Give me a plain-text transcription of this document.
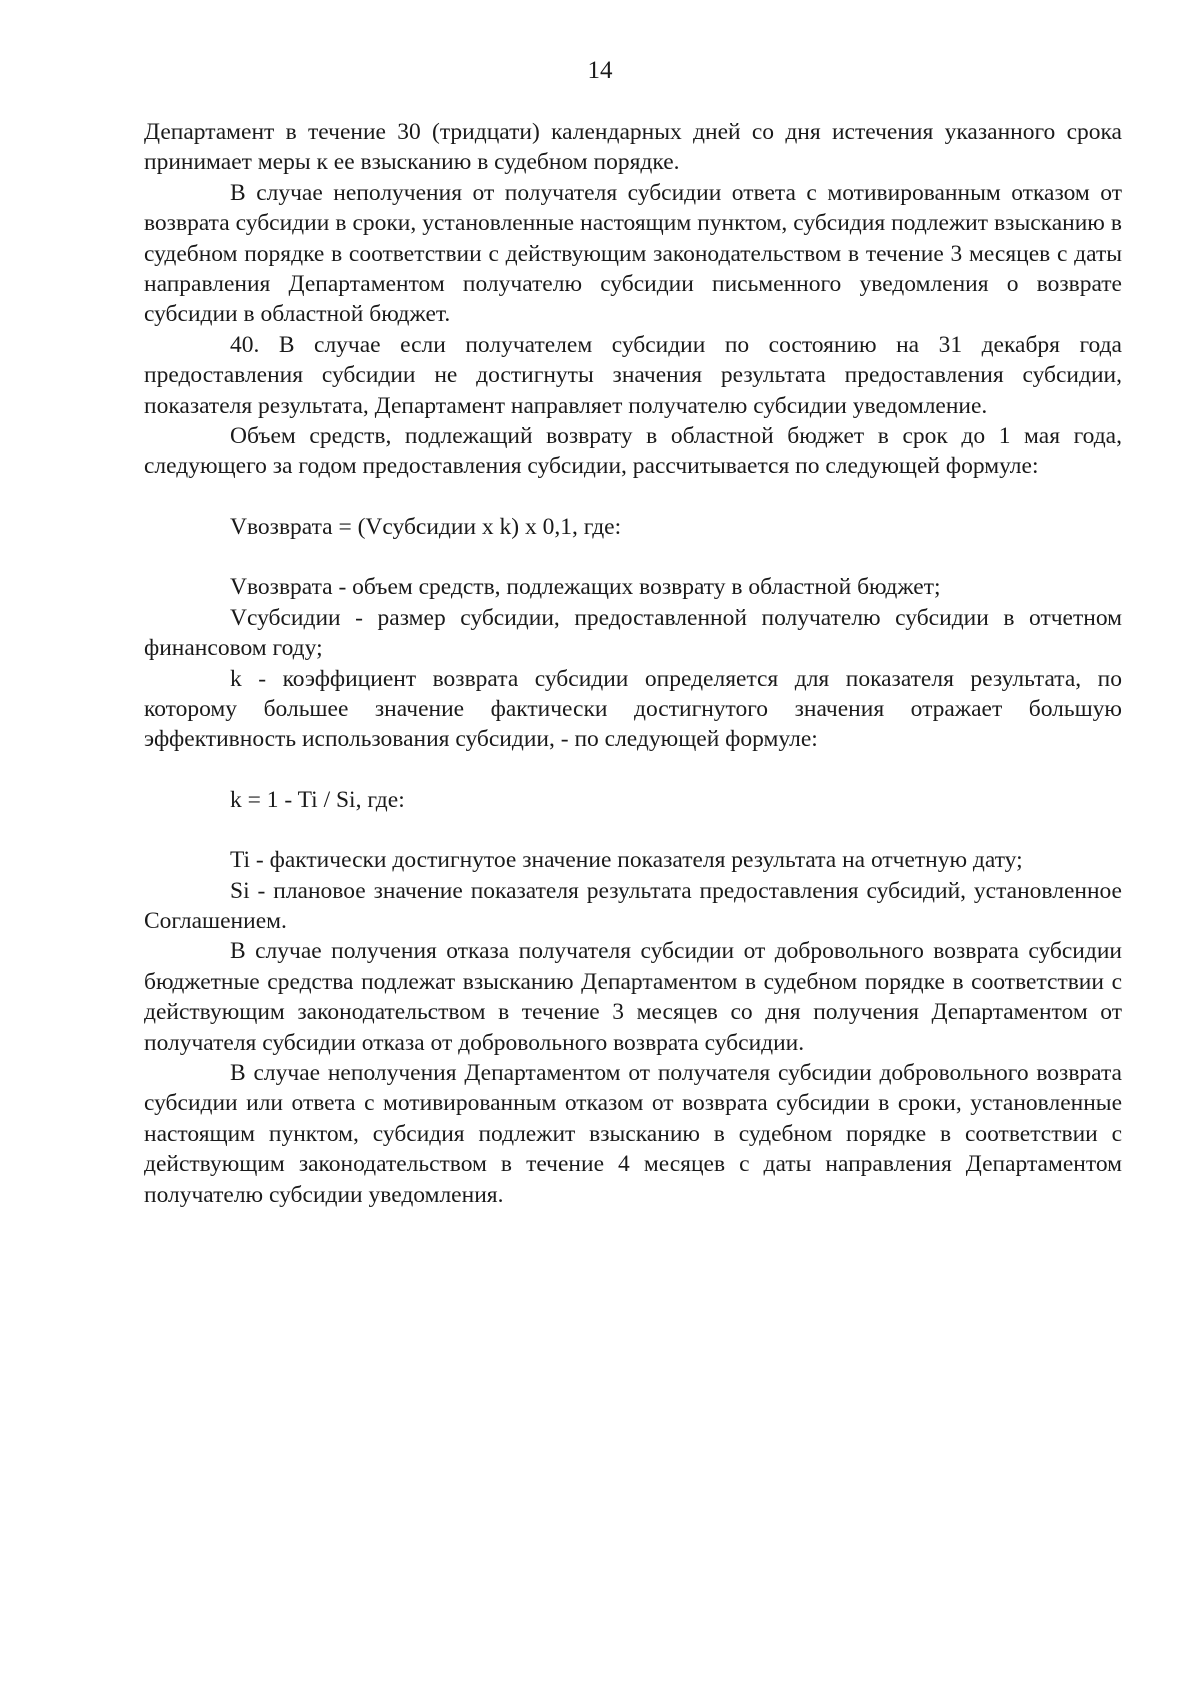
14

Департамент в течение 30 (тридцати) календарных дней со дня истечения указанного срока принимает меры к ее взысканию в судебном порядке.

В случае неполучения от получателя субсидии ответа с мотивированным отказом от возврата субсидии в сроки, установленные настоящим пунктом, субсидия подлежит взысканию в судебном порядке в соответствии с действующим законодательством в течение 3 месяцев с даты направления Департаментом получателю субсидии письменного уведомления о возврате субсидии в областной бюджет.

40. В случае если получателем субсидии по состоянию на 31 декабря года предоставления субсидии не достигнуты значения результата предоставления субсидии, показателя результата, Департамент направляет получателю субсидии уведомление.

Объем средств, подлежащий возврату в областной бюджет в срок до 1 мая года, следующего за годом предоставления субсидии, рассчитывается по следующей формуле:

Vвозврата = (Vсубсидии x k) x 0,1, где:

Vвозврата - объем средств, подлежащих возврату в областной бюджет;

Vсубсидии - размер субсидии, предоставленной получателю субсидии в отчетном финансовом году;

k - коэффициент возврата субсидии определяется для показателя результата, по которому большее значение фактически достигнутого значения отражает большую эффективность использования субсидии, - по следующей формуле:

k = 1 - Ti / Si, где:

Ti - фактически достигнутое значение показателя результата на отчетную дату;

Si - плановое значение показателя результата предоставления субсидий, установленное Соглашением.

В случае получения отказа получателя субсидии от добровольного возврата субсидии бюджетные средства подлежат взысканию Департаментом в судебном порядке в соответствии с действующим законодательством в течение 3 месяцев со дня получения Департаментом от получателя субсидии отказа от добровольного возврата субсидии.

В случае неполучения Департаментом от получателя субсидии добровольного возврата субсидии или ответа с мотивированным отказом от возврата субсидии в сроки, установленные настоящим пунктом, субсидия подлежит взысканию в судебном порядке в соответствии с действующим законодательством в течение 4 месяцев с даты направления Департаментом получателю субсидии уведомления.
